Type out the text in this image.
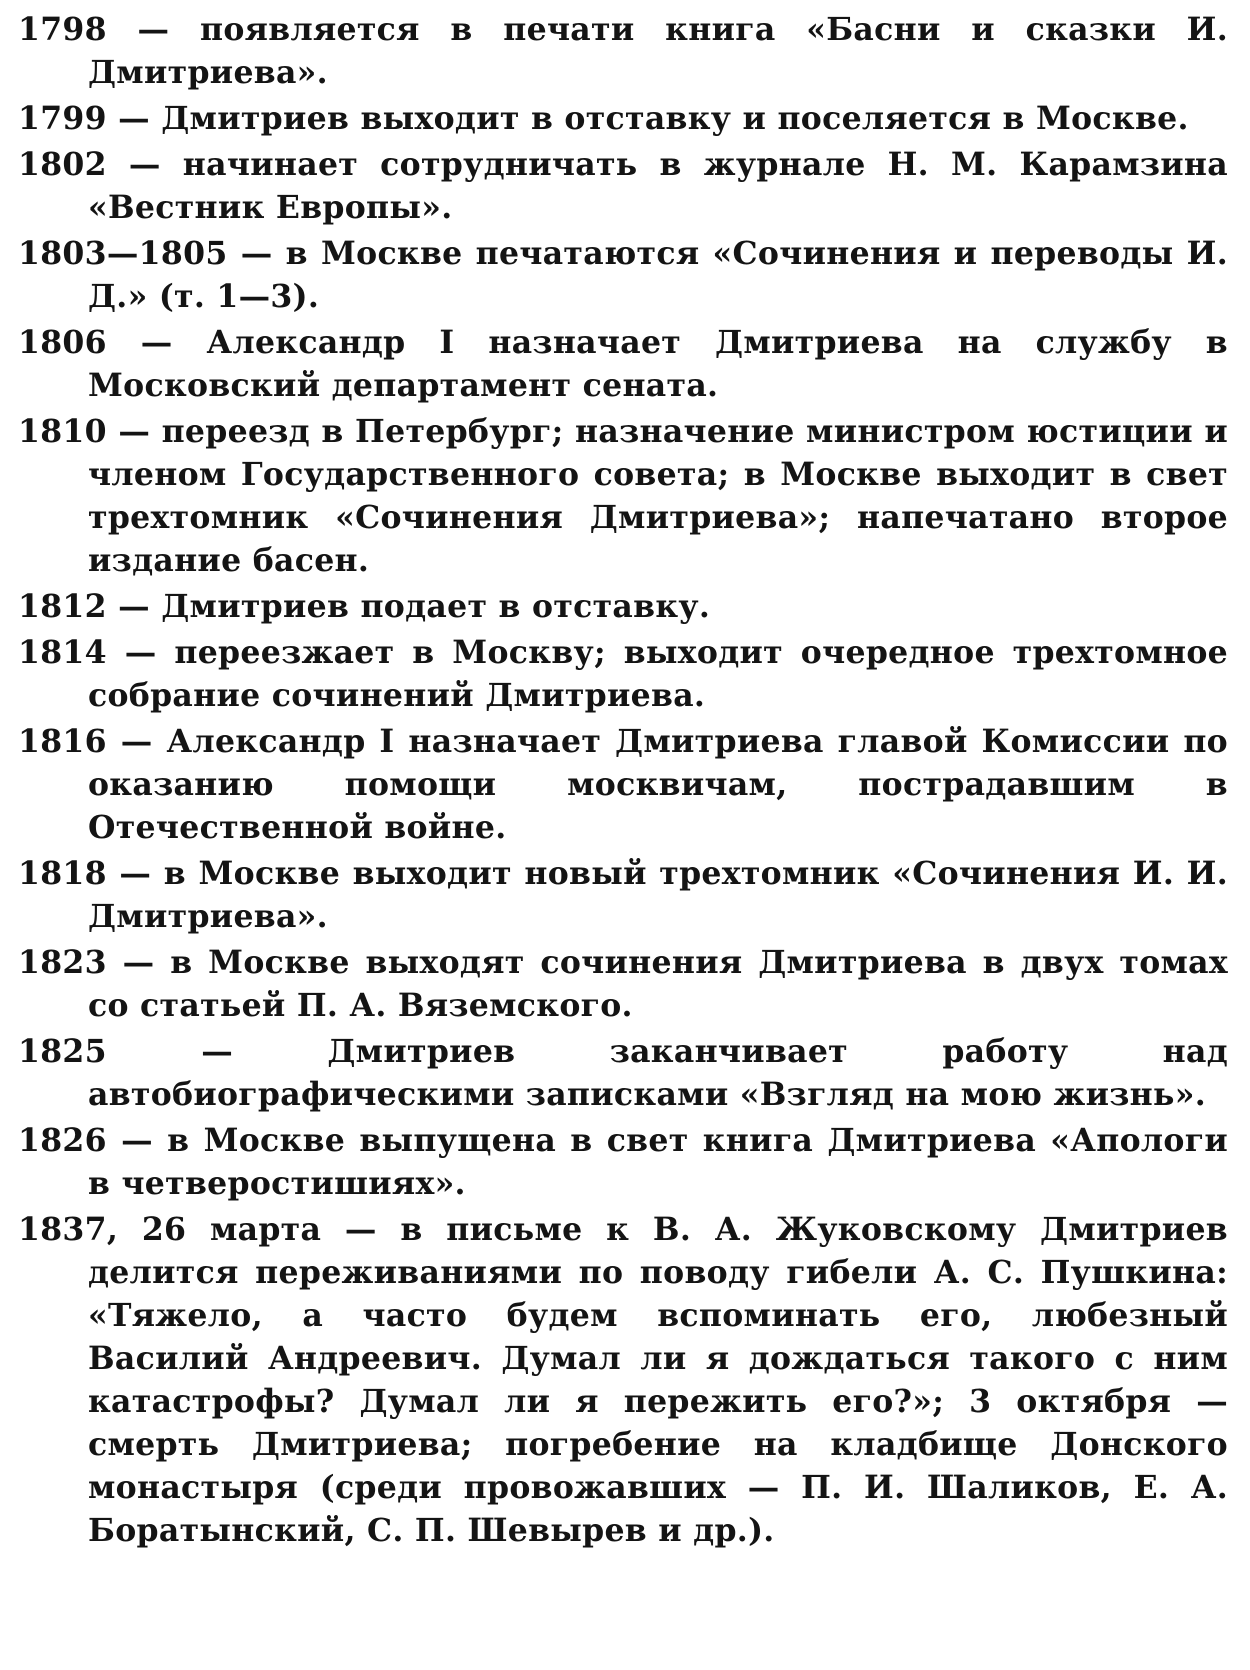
1798 — появляется в печати книга «Басни и сказки И. Дмитриева».
1799 — Дмитриев выходит в отставку и поселяется в Москве.
1802 — начинает сотрудничать в журнале Н. М. Карамзина «Вестник Европы».
1803—1805 — в Москве печатаются «Сочинения и переводы И. Д.» (т. 1—3).
1806 — Александр I назначает Дмитриева на службу в Московский департамент сената.
1810 — переезд в Петербург; назначение министром юстиции и членом Государственного совета; в Москве выходит в свет трехтомник «Сочинения Дмитриева»; напечатано второе издание басен.
1812 — Дмитриев подает в отставку.
1814 — переезжает в Москву; выходит очередное трехтомное собрание сочинений Дмитриева.
1816 — Александр I назначает Дмитриева главой Комиссии по оказанию помощи москвичам, пострадавшим в Отечественной войне.
1818 — в Москве выходит новый трехтомник «Сочинения И. И. Дмитриева».
1823 — в Москве выходят сочинения Дмитриева в двух томах со статьей П. А. Вяземского.
1825 — Дмитриев заканчивает работу над автобиографическими записками «Взгляд на мою жизнь».
1826 — в Москве выпущена в свет книга Дмитриева «Апологи в четверостишиях».
1837, 26 марта — в письме к В. А. Жуковскому Дмитриев делится переживаниями по поводу гибели А. С. Пушкина: «Тяжело, а часто будем вспоминать его, любезный Василий Андреевич. Думал ли я дождаться такого с ним катастрофы? Думал ли я пережить его?»; 3 октября — смерть Дмитриева; погребение на кладбище Донского монастыря (среди провожавших — П. И. Шаликов, Е. А. Боратынский, С. П. Шевырев и др.).
